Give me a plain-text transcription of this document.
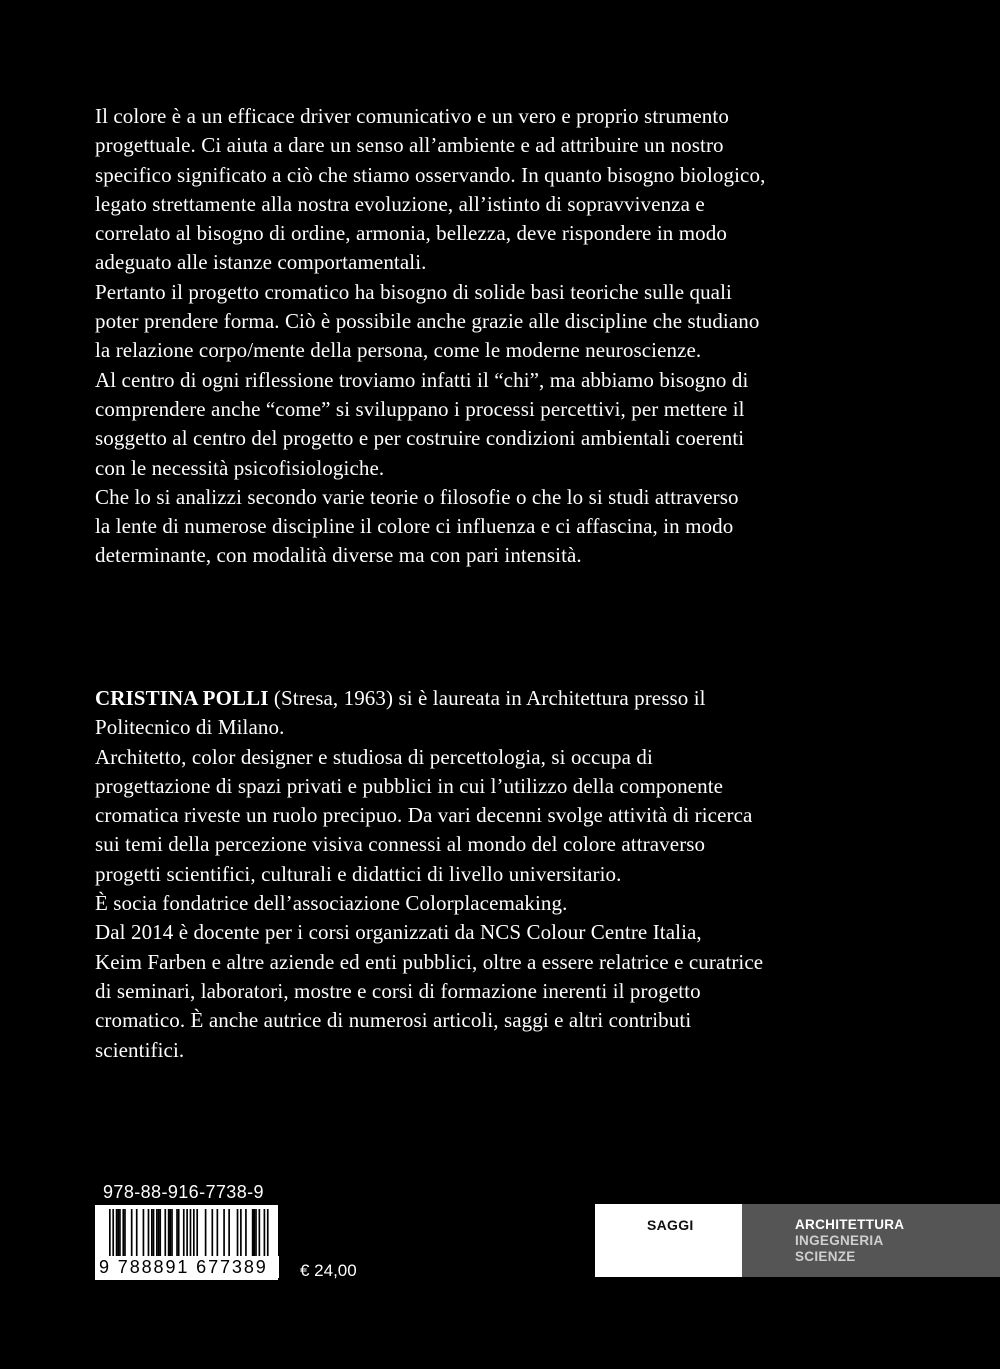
Il colore è a un efficace driver comunicativo e un vero e proprio strumento
progettuale. Ci aiuta a dare un senso all’ambiente e ad attribuire un nostro
specifico significato a ciò che stiamo osservando. In quanto bisogno biologico,
legato strettamente alla nostra evoluzione, all’istinto di sopravvivenza e
correlato al bisogno di ordine, armonia, bellezza, deve rispondere in modo
adeguato alle istanze comportamentali.
Pertanto il progetto cromatico ha bisogno di solide basi teoriche sulle quali
poter prendere forma. Ciò è possibile anche grazie alle discipline che studiano
la relazione corpo/mente della persona, come le moderne neuroscienze.
Al centro di ogni riflessione troviamo infatti il “chi”, ma abbiamo bisogno di
comprendere anche “come” si sviluppano i processi percettivi, per mettere il
soggetto al centro del progetto e per costruire condizioni ambientali coerenti
con le necessità psicofisiologiche.
Che lo si analizzi secondo varie teorie o filosofie o che lo si studi attraverso
la lente di numerose discipline il colore ci influenza e ci affascina, in modo
determinante, con modalità diverse ma con pari intensità.
CRISTINA POLLI (Stresa, 1963) si è laureata in Architettura presso il
Politecnico di Milano.
Architetto, color designer e studiosa di percettologia, si occupa di
progettazione di spazi privati e pubblici in cui l’utilizzo della componente
cromatica riveste un ruolo precipuo. Da vari decenni svolge attività di ricerca
sui temi della percezione visiva connessi al mondo del colore attraverso
progetti scientifici, culturali e didattici di livello universitario.
È socia fondatrice dell’associazione Colorplacemaking.
Dal 2014 è docente per i corsi organizzati da NCS Colour Centre Italia,
Keim Farben e altre aziende ed enti pubblici, oltre a essere relatrice e curatrice
di seminari, laboratori, mostre e corsi di formazione inerenti il progetto
cromatico. È anche autrice di numerosi articoli, saggi e altri contributi
scientifici.
978-88-916-7738-9
9 788891 677389	€ 24,00
SAGGI	ARCHITETTURA
INGEGNERIA
SCIENZE
